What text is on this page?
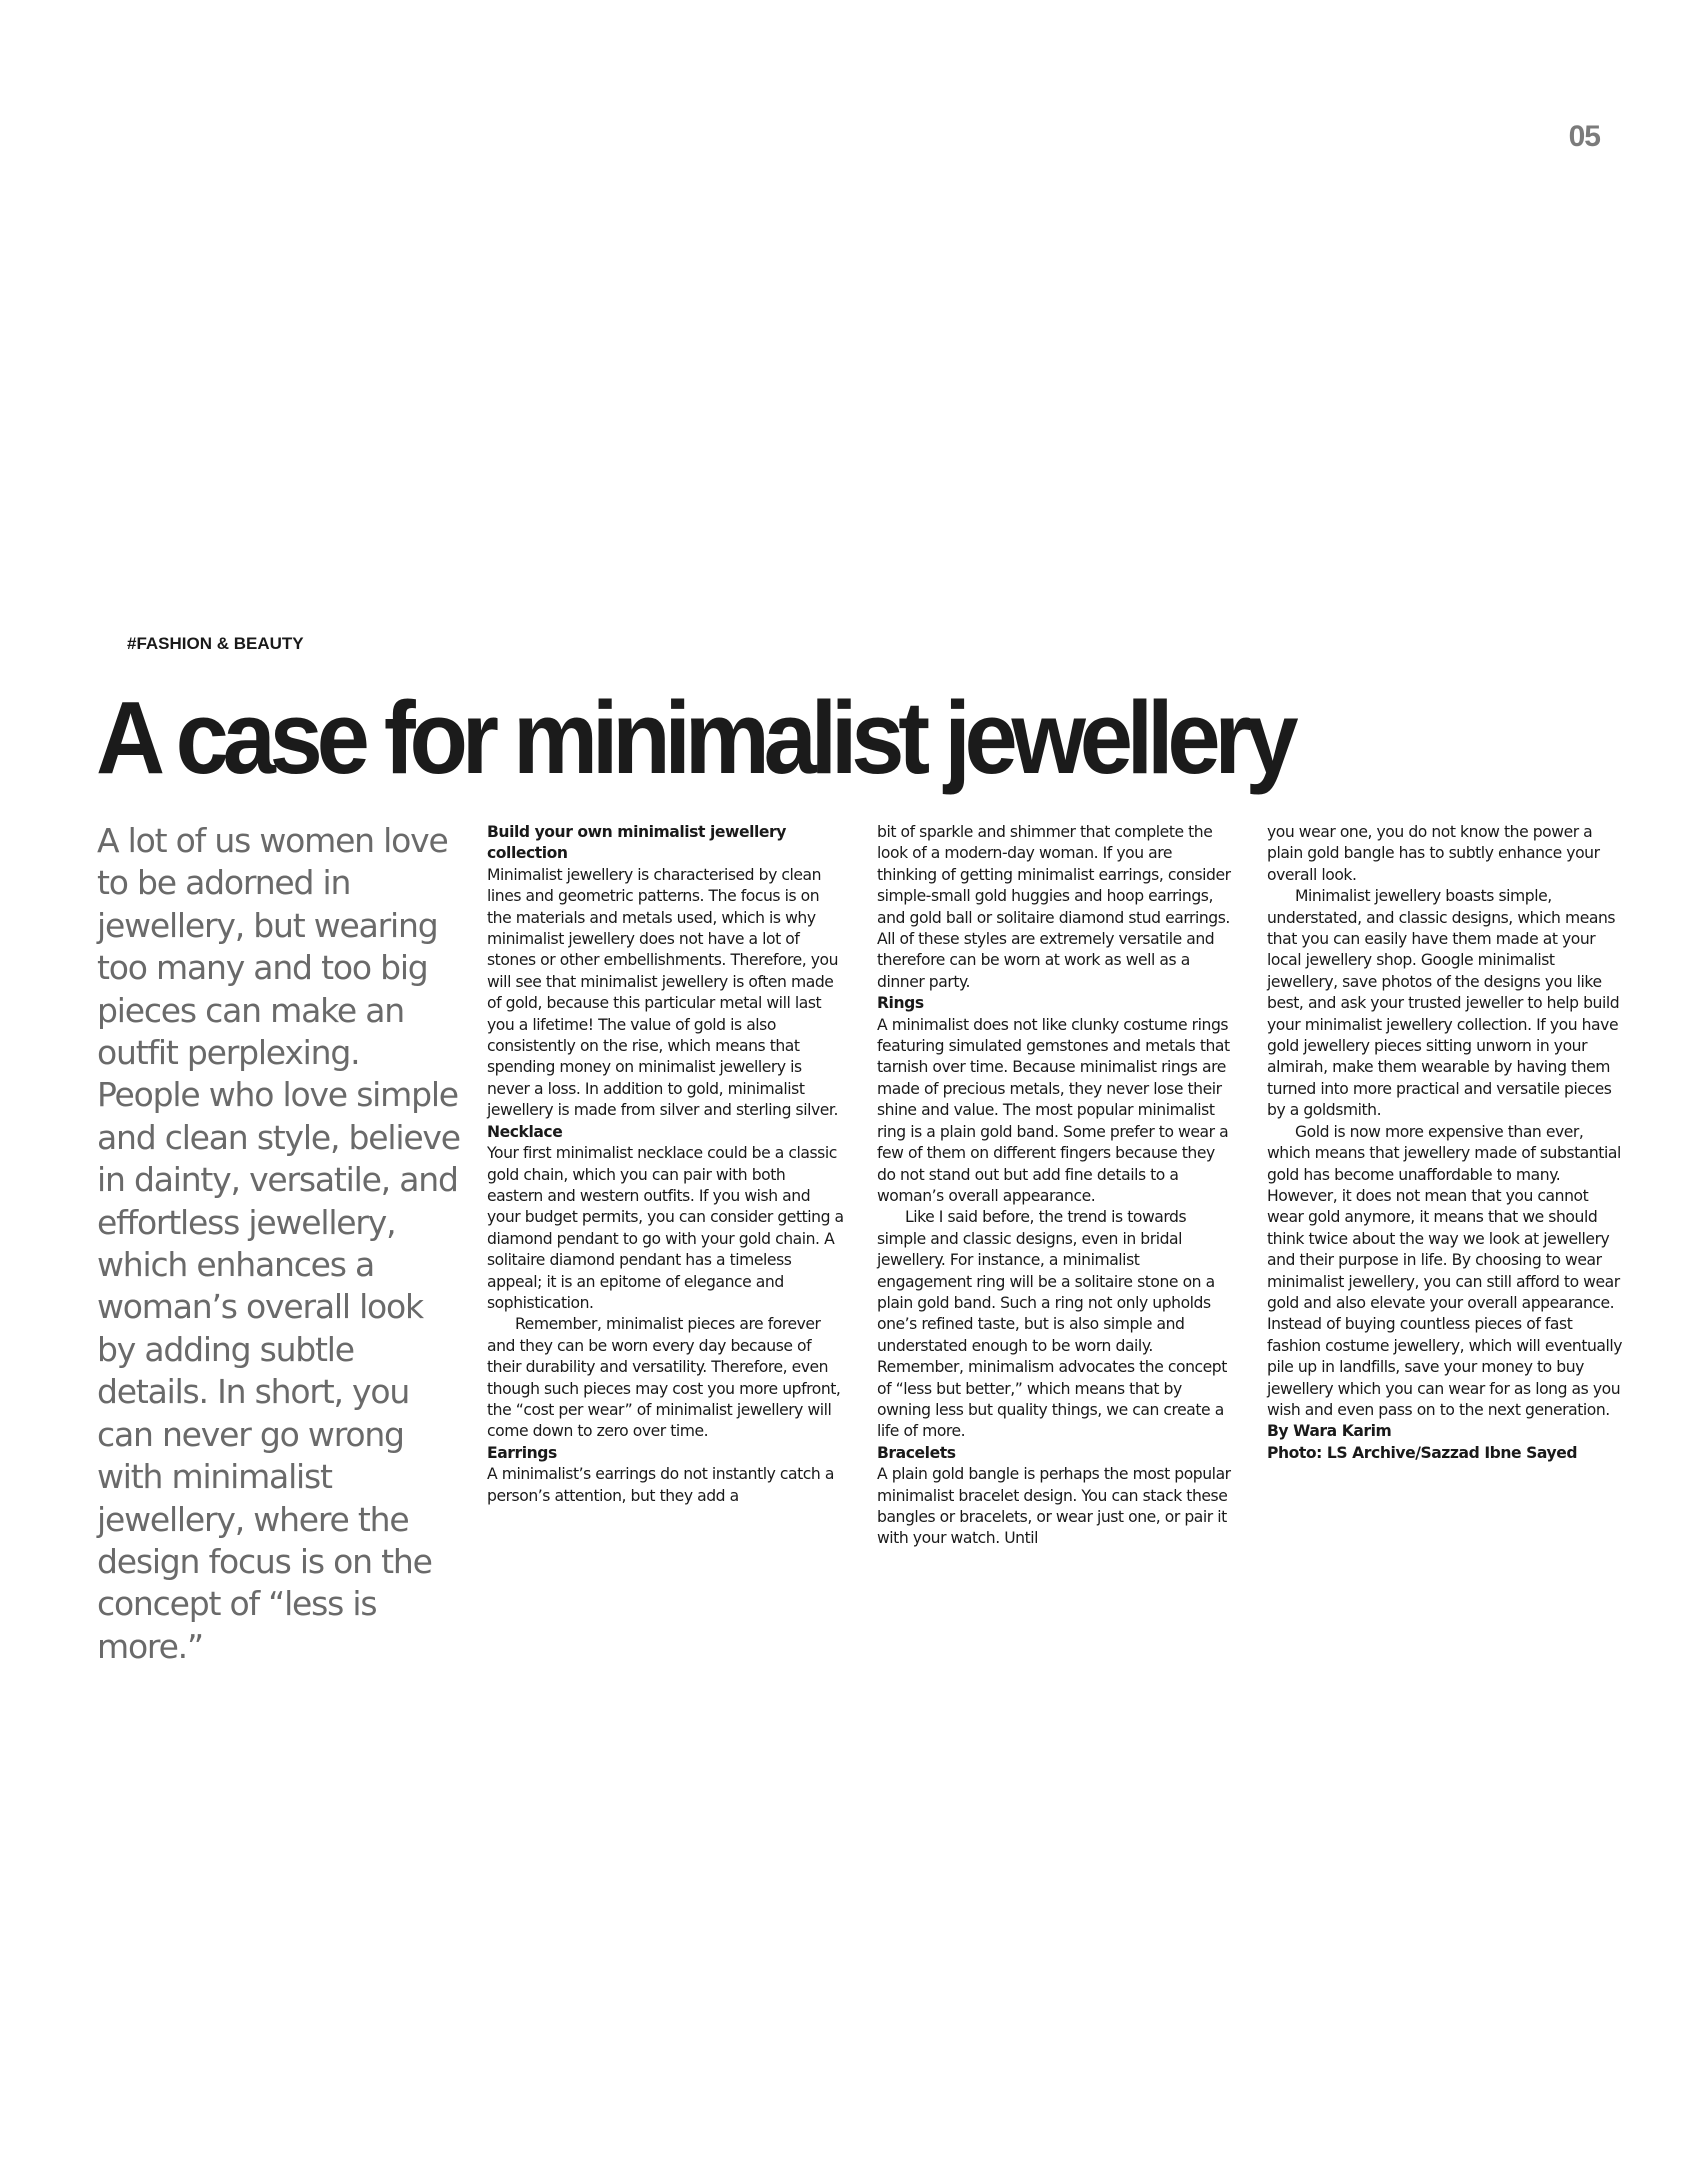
05
#FASHION & BEAUTY
A case for minimalist jewellery
A lot of us women love to be adorned in jewellery, but wearing too many and too big pieces can make an outfit perplexing. People who love simple and clean style, believe in dainty, versatile, and effortless jewellery, which enhances a woman’s overall look by adding subtle details. In short, you can never go wrong with minimalist jewellery, where the design focus is on the concept of “less is more.”
Build your own minimalist jewellery collection

Minimalist jewellery is characterised by clean lines and geometric patterns. The focus is on the materials and metals used, which is why minimalist jewellery does not have a lot of stones or other embellishments. Therefore, you will see that minimalist jewellery is often made of gold, because this particular metal will last you a lifetime! The value of gold is also consistently on the rise, which means that spending money on minimalist jewellery is never a loss. In addition to gold, minimalist jewellery is made from silver and sterling silver.

Necklace

Your first minimalist necklace could be a classic gold chain, which you can pair with both eastern and western outfits. If you wish and your budget permits, you can consider getting a diamond pendant to go with your gold chain. A solitaire diamond pendant has a timeless appeal; it is an epitome of elegance and sophistication.

Remember, minimalist pieces are forever and they can be worn every day because of their durability and versatility. Therefore, even though such pieces may cost you more upfront, the “cost per wear” of minimalist jewellery will come down to zero over time.

Earrings

A minimalist’s earrings do not instantly catch a person’s attention, but they add a

bit of sparkle and shimmer that complete the look of a modern-day woman. If you are thinking of getting minimalist earrings, consider simple-small gold huggies and hoop earrings, and gold ball or solitaire diamond stud earrings. All of these styles are extremely versatile and therefore can be worn at work as well as a dinner party.

Rings

A minimalist does not like clunky costume rings featuring simulated gemstones and metals that tarnish over time. Because minimalist rings are made of precious metals, they never lose their shine and value. The most popular minimalist ring is a plain gold band. Some prefer to wear a few of them on different fingers because they do not stand out but add fine details to a woman’s overall appearance.

Like I said before, the trend is towards simple and classic designs, even in bridal jewellery. For instance, a minimalist engagement ring will be a solitaire stone on a plain gold band. Such a ring not only upholds one’s refined taste, but is also simple and understated enough to be worn daily. Remember, minimalism advocates the concept of “less but better,” which means that by owning less but quality things, we can create a life of more.

Bracelets

A plain gold bangle is perhaps the most popular minimalist bracelet design. You can stack these bangles or bracelets, or wear just one, or pair it with your watch. Until

you wear one, you do not know the power a plain gold bangle has to subtly enhance your overall look.

Minimalist jewellery boasts simple, understated, and classic designs, which means that you can easily have them made at your local jewellery shop. Google minimalist jewellery, save photos of the designs you like best, and ask your trusted jeweller to help build your minimalist jewellery collection. If you have gold jewellery pieces sitting unworn in your almirah, make them wearable by having them turned into more practical and versatile pieces by a goldsmith.

Gold is now more expensive than ever, which means that jewellery made of substantial gold has become unaffordable to many. However, it does not mean that you cannot wear gold anymore, it means that we should think twice about the way we look at jewellery and their purpose in life. By choosing to wear minimalist jewellery, you can still afford to wear gold and also elevate your overall appearance. Instead of buying countless pieces of fast fashion costume jewellery, which will eventually pile up in landfills, save your money to buy jewellery which you can wear for as long as you wish and even pass on to the next generation.

By Wara Karim

Photo: LS Archive/Sazzad Ibne Sayed
